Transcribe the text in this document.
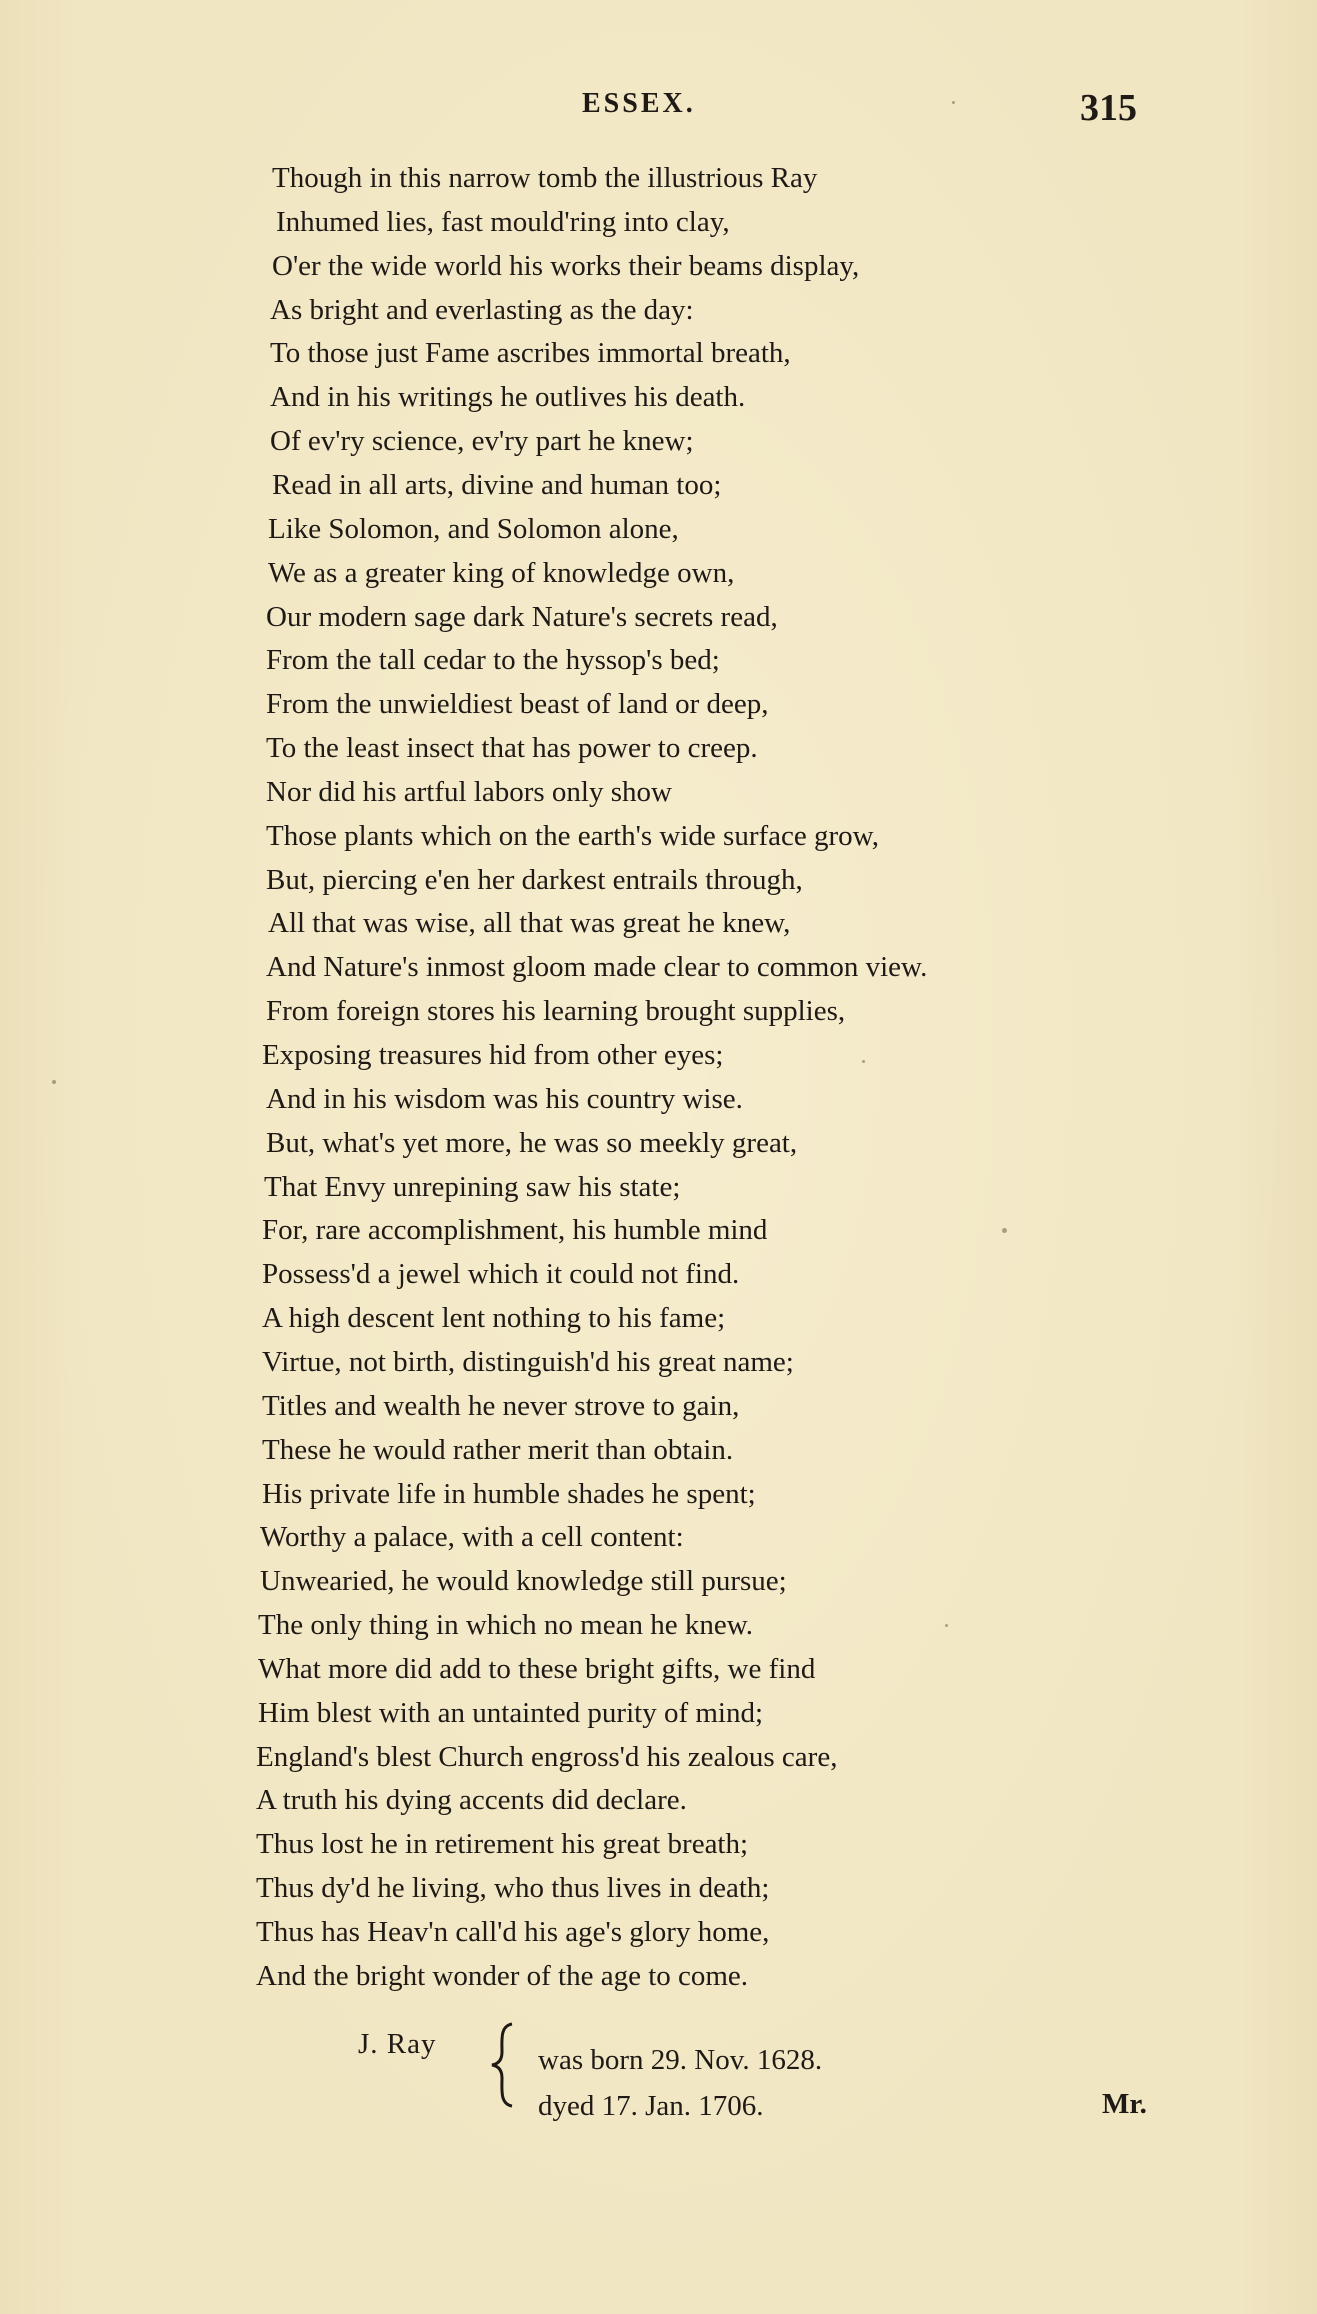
ESSEX.	315
Though in this narrow tomb the illustrious Ray
Inhumed lies, fast mould'ring into clay,
O'er the wide world his works their beams display,
As bright and everlasting as the day:
To those just Fame ascribes immortal breath,
And in his writings he outlives his death.
Of ev'ry science, ev'ry part he knew;
Read in all arts, divine and human too;
Like Solomon, and Solomon alone,
We as a greater king of knowledge own,
Our modern sage dark Nature's secrets read,
From the tall cedar to the hyssop's bed;
From the unwieldiest beast of land or deep,
To the least insect that has power to creep.
Nor did his artful labors only show
Those plants which on the earth's wide surface grow,
But, piercing e'en her darkest entrails through,
All that was wise, all that was great he knew,
And Nature's inmost gloom made clear to common view.
From foreign stores his learning brought supplies,
Exposing treasures hid from other eyes;
And in his wisdom was his country wise.
But, what's yet more, he was so meekly great,
That Envy unrepining saw his state;
For, rare accomplishment, his humble mind
Possess'd a jewel which it could not find.
A high descent lent nothing to his fame;
Virtue, not birth, distinguish'd his great name;
Titles and wealth he never strove to gain,
These he would rather merit than obtain.
His private life in humble shades he spent;
Worthy a palace, with a cell content:
Unwearied, he would knowledge still pursue;
The only thing in which no mean he knew.
What more did add to these bright gifts, we find
Him blest with an untainted purity of mind;
England's blest Church engross'd his zealous care,
A truth his dying accents did declare.
Thus lost he in retirement his great breath;
Thus dy'd he living, who thus lives in death;
Thus has Heav'n call'd his age's glory home,
And the bright wonder of the age to come.
J. Ray	was born 29. Nov. 1628.
dyed 17. Jan. 1706.	Mr.
